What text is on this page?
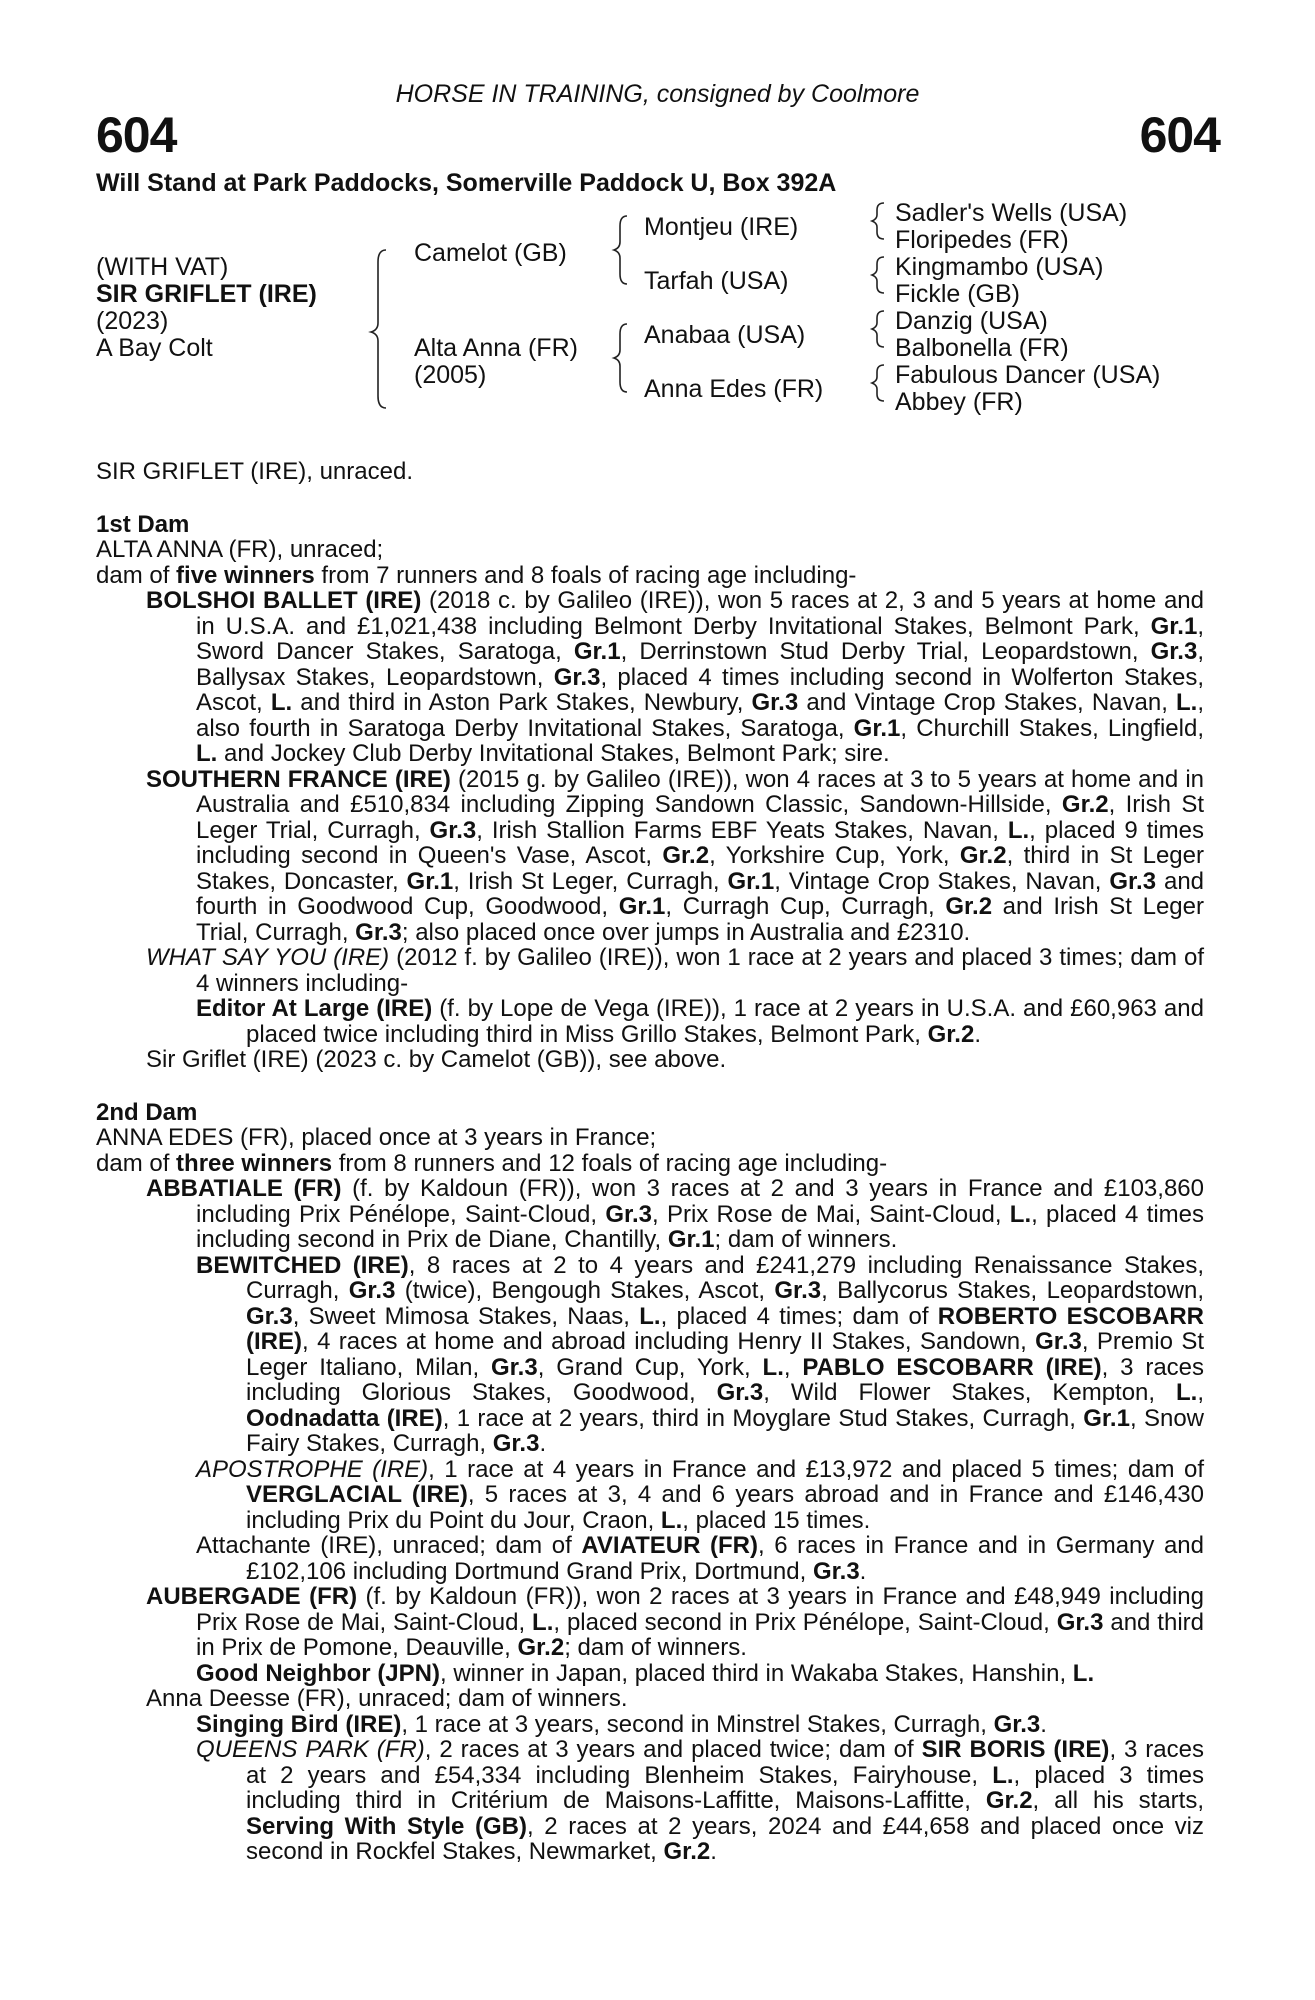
HORSE IN TRAINING, consigned by Coolmore
604	604
Will Stand at Park Paddocks, Somerville Paddock U, Box 392A
(WITH VAT)
SIR GRIFLET (IRE)
(2023)
A Bay Colt
Camelot (GB)
Alta Anna (FR)
(2005)
Montjeu (IRE)
Tarfah (USA)
Anabaa (USA)
Anna Edes (FR)
Sadler's Wells (USA)
Floripedes (FR)
Kingmambo (USA)
Fickle (GB)
Danzig (USA)
Balbonella (FR)
Fabulous Dancer (USA)
Abbey (FR)

SIR GRIFLET (IRE), unraced.

1st Dam

ALTA ANNA (FR), unraced;

dam of five winners from 7 runners and 8 foals of racing age including-

BOLSHOI BALLET (IRE) (2018 c. by Galileo (IRE)), won 5 races at 2, 3 and 5 years at home and in U.S.A. and £1,021,438 including Belmont Derby Invitational Stakes, Belmont Park, Gr.1, Sword Dancer Stakes, Saratoga, Gr.1, Derrinstown Stud Derby Trial, Leopardstown, Gr.3, Ballysax Stakes, Leopardstown, Gr.3, placed 4 times including second in Wolferton Stakes, Ascot, L. and third in Aston Park Stakes, Newbury, Gr.3 and Vintage Crop Stakes, Navan, L., also fourth in Saratoga Derby Invitational Stakes, Saratoga, Gr.1, Churchill Stakes, Lingfield, L. and Jockey Club Derby Invitational Stakes, Belmont Park; sire.

SOUTHERN FRANCE (IRE) (2015 g. by Galileo (IRE)), won 4 races at 3 to 5 years at home and in Australia and £510,834 including Zipping Sandown Classic, Sandown-Hillside, Gr.2, Irish St Leger Trial, Curragh, Gr.3, Irish Stallion Farms EBF Yeats Stakes, Navan, L., placed 9 times including second in Queen's Vase, Ascot, Gr.2, Yorkshire Cup, York, Gr.2, third in St Leger Stakes, Doncaster, Gr.1, Irish St Leger, Curragh, Gr.1, Vintage Crop Stakes, Navan, Gr.3 and fourth in Goodwood Cup, Goodwood, Gr.1, Curragh Cup, Curragh, Gr.2 and Irish St Leger Trial, Curragh, Gr.3; also placed once over jumps in Australia and £2310.

WHAT SAY YOU (IRE) (2012 f. by Galileo (IRE)), won 1 race at 2 years and placed 3 times; dam of 4 winners including-

Editor At Large (IRE) (f. by Lope de Vega (IRE)), 1 race at 2 years in U.S.A. and £60,963 and placed twice including third in Miss Grillo Stakes, Belmont Park, Gr.2.

Sir Griflet (IRE) (2023 c. by Camelot (GB)), see above.

2nd Dam

ANNA EDES (FR), placed once at 3 years in France;

dam of three winners from 8 runners and 12 foals of racing age including-

ABBATIALE (FR) (f. by Kaldoun (FR)), won 3 races at 2 and 3 years in France and £103,860 including Prix Pénélope, Saint-Cloud, Gr.3, Prix Rose de Mai, Saint-Cloud, L., placed 4 times including second in Prix de Diane, Chantilly, Gr.1; dam of winners.

BEWITCHED (IRE), 8 races at 2 to 4 years and £241,279 including Renaissance Stakes, Curragh, Gr.3 (twice), Bengough Stakes, Ascot, Gr.3, Ballycorus Stakes, Leopardstown, Gr.3, Sweet Mimosa Stakes, Naas, L., placed 4 times; dam of ROBERTO ESCOBARR (IRE), 4 races at home and abroad including Henry II Stakes, Sandown, Gr.3, Premio St Leger Italiano, Milan, Gr.3, Grand Cup, York, L., PABLO ESCOBARR (IRE), 3 races including Glorious Stakes, Goodwood, Gr.3, Wild Flower Stakes, Kempton, L., Oodnadatta (IRE), 1 race at 2 years, third in Moyglare Stud Stakes, Curragh, Gr.1, Snow Fairy Stakes, Curragh, Gr.3.

APOSTROPHE (IRE), 1 race at 4 years in France and £13,972 and placed 5 times; dam of VERGLACIAL (IRE), 5 races at 3, 4 and 6 years abroad and in France and £146,430 including Prix du Point du Jour, Craon, L., placed 15 times.

Attachante (IRE), unraced; dam of AVIATEUR (FR), 6 races in France and in Germany and £102,106 including Dortmund Grand Prix, Dortmund, Gr.3.

AUBERGADE (FR) (f. by Kaldoun (FR)), won 2 races at 3 years in France and £48,949 including Prix Rose de Mai, Saint-Cloud, L., placed second in Prix Pénélope, Saint-Cloud, Gr.3 and third in Prix de Pomone, Deauville, Gr.2; dam of winners.

Good Neighbor (JPN), winner in Japan, placed third in Wakaba Stakes, Hanshin, L.

Anna Deesse (FR), unraced; dam of winners.

Singing Bird (IRE), 1 race at 3 years, second in Minstrel Stakes, Curragh, Gr.3.

QUEENS PARK (FR), 2 races at 3 years and placed twice; dam of SIR BORIS (IRE), 3 races at 2 years and £54,334 including Blenheim Stakes, Fairyhouse, L., placed 3 times including third in Critérium de Maisons-Laffitte, Maisons-Laffitte, Gr.2, all his starts, Serving With Style (GB), 2 races at 2 years, 2024 and £44,658 and placed once viz second in Rockfel Stakes, Newmarket, Gr.2.
